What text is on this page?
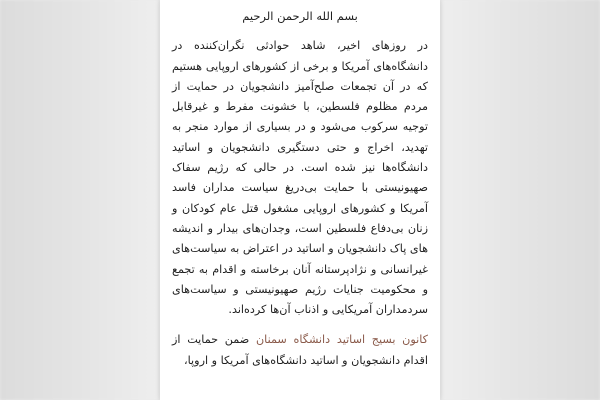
بسم الله الرحمن الرحیم

در روزهای اخیر، شاهد حوادثی نگران‌کننده در دانشگاه‌های آمریکا و برخی از کشورهای اروپایی هستیم که در آن تجمعات صلح‌آمیز دانشجویان در حمایت از مردم مظلوم فلسطین، با خشونت مفرط و غیرقابل توجیه سرکوب می‌شود و در بسیاری از موارد منجر به تهدید، اخراج و حتی دستگیری دانشجویان و اساتید دانشگاه‌ها نیز شده است. در حالی که رژیم سفاک صهیونیستی با حمایت بی‌دریغ سیاست مداران فاسد آمریکا و کشورهای اروپایی مشغول قتل عام کودکان و زنان بی‌دفاع فلسطین است، وجدان‌های بیدار و اندیشه های پاک دانشجویان و اساتید در اعتراض به سیاست‌های غیرانسانی و نژادپرستانه آنان برخاسته و اقدام به تجمع و محکومیت جنایات رژیم صهیونیستی و سیاست‌های سردمداران آمریکایی و اذناب آن‌ها کرده‌اند.

کانون بسیج اساتید دانشگاه سمنان ضمن حمایت از اقدام دانشجویان و اساتید دانشگاه‌های آمریکا و اروپا،
